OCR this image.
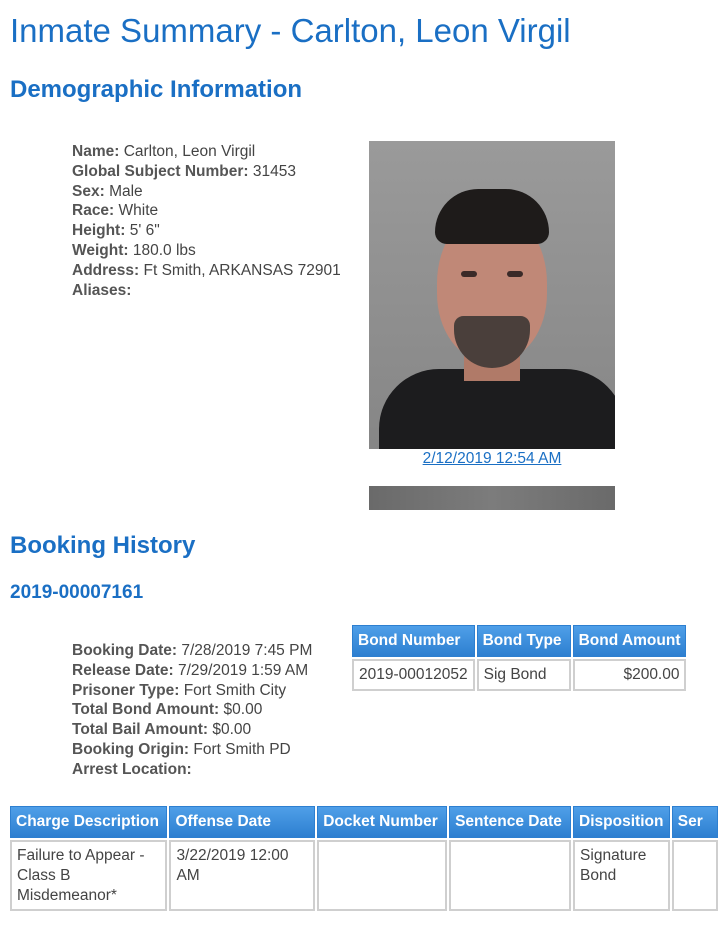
Inmate Summary - Carlton, Leon Virgil
Demographic Information
Name: Carlton, Leon Virgil
Global Subject Number: 31453
Sex: Male
Race: White
Height: 5' 6"
Weight: 180.0 lbs
Address: Ft Smith, ARKANSAS 72901
Aliases:
2/12/2019 12:54 AM
Booking History
2019-00007161
Booking Date: 7/28/2019 7:45 PM
Release Date: 7/29/2019 1:59 AM
Prisoner Type: Fort Smith City
Total Bond Amount: $0.00
Total Bail Amount: $0.00
Booking Origin: Fort Smith PD
Arrest Location:
Bond Number	Bond Type	Bond Amount
2019-00012052	Sig Bond	$200.00
Charge Description	Offense Date	Docket Number	Sentence Date	Disposition	Ser
Failure to Appear - Class B Misdemeanor*	3/22/2019 12:00 AM			Signature Bond	
